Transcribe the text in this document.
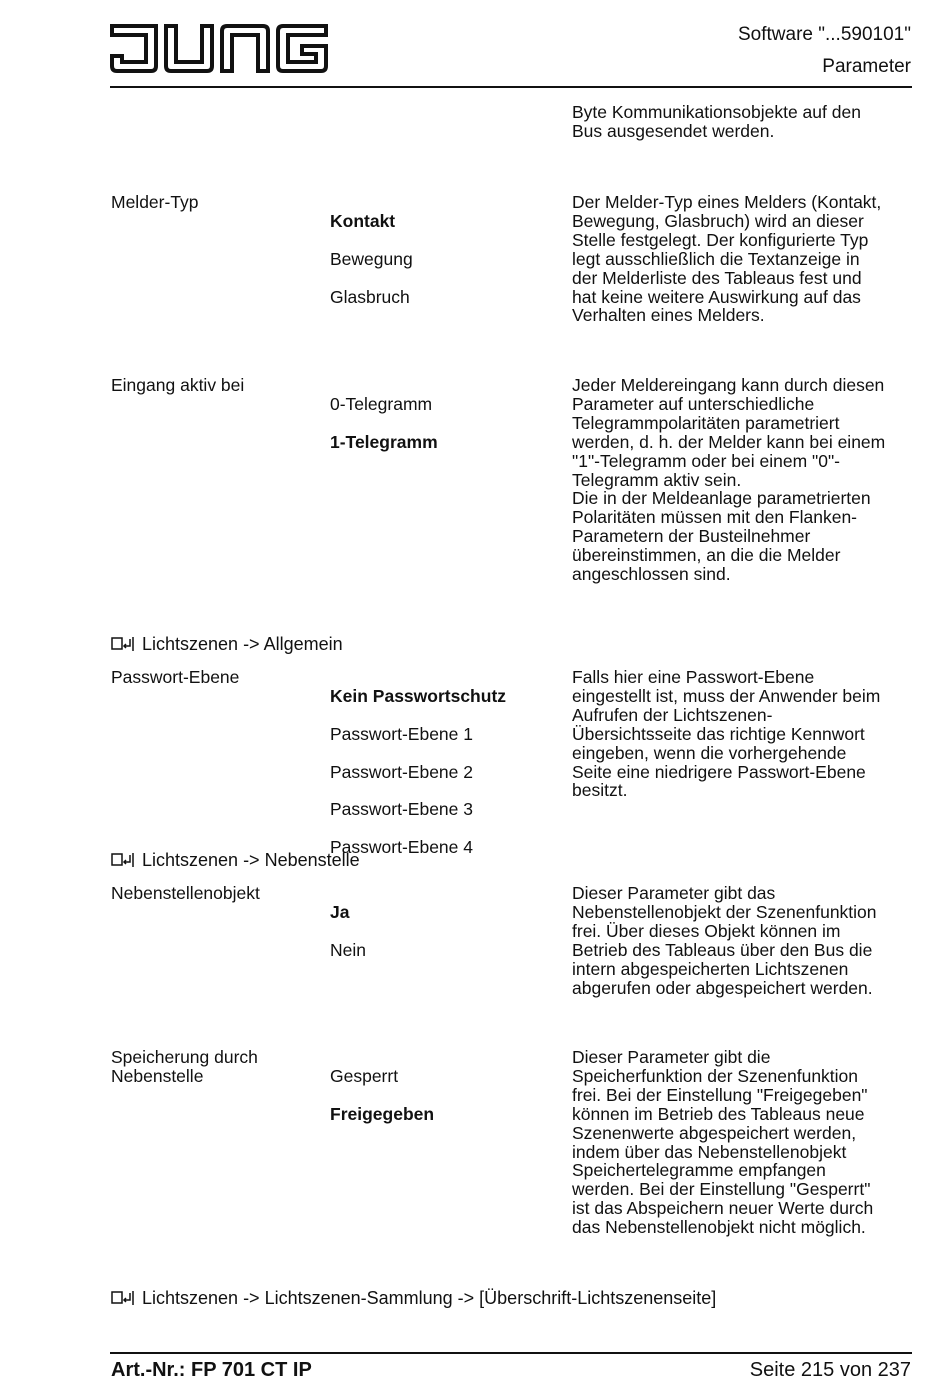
Software "...590101"
Parameter
Byte Kommunikationsobjekte auf den
Bus ausgesendet werden.
Melder-Typ

Kontakt

Bewegung

Glasbruch

Der Melder-Typ eines Melders (Kontakt,
Bewegung, Glasbruch) wird an dieser
Stelle festgelegt. Der konfigurierte Typ
legt ausschließlich die Textanzeige in
der Melderliste des Tableaus fest und
hat keine weitere Auswirkung auf das
Verhalten eines Melders.
Eingang aktiv bei

0-Telegramm

1-Telegramm

Jeder Meldereingang kann durch diesen
Parameter auf unterschiedliche
Telegrammpolaritäten parametriert
werden, d. h. der Melder kann bei einem
"1"-Telegramm oder bei einem "0"-
Telegramm aktiv sein.
Die in der Meldeanlage parametrierten
Polaritäten müssen mit den Flanken-
Parametern der Busteilnehmer
übereinstimmen, an die die Melder
angeschlossen sind.
Lichtszenen -> Allgemein
Passwort-Ebene

Kein Passwortschutz

Passwort-Ebene 1

Passwort-Ebene 2

Passwort-Ebene 3

Passwort-Ebene 4

Falls hier eine Passwort-Ebene
eingestellt ist, muss der Anwender beim
Aufrufen der Lichtszenen-
Übersichtsseite das richtige Kennwort
eingeben, wenn die vorhergehende
Seite eine niedrigere Passwort-Ebene
besitzt.
Lichtszenen -> Nebenstelle
Nebenstellenobjekt

Ja

Nein

Dieser Parameter gibt das
Nebenstellenobjekt der Szenenfunktion
frei. Über dieses Objekt können im
Betrieb des Tableaus über den Bus die
intern abgespeicherten Lichtszenen
abgerufen oder abgespeichert werden.
Speicherung durch
Nebenstelle	Gesperrt

Freigegeben

Dieser Parameter gibt die
Speicherfunktion der Szenenfunktion
frei. Bei der Einstellung "Freigegeben"
können im Betrieb des Tableaus neue
Szenenwerte abgespeichert werden,
indem über das Nebenstellenobjekt
Speichertelegramme empfangen
werden. Bei der Einstellung "Gesperrt"
ist das Abspeichern neuer Werte durch
das Nebenstellenobjekt nicht möglich.
Lichtszenen -> Lichtszenen-Sammlung -> [Überschrift-Lichtszenenseite]
Art.-Nr.: FP 701 CT IP	Seite 215 von 237
